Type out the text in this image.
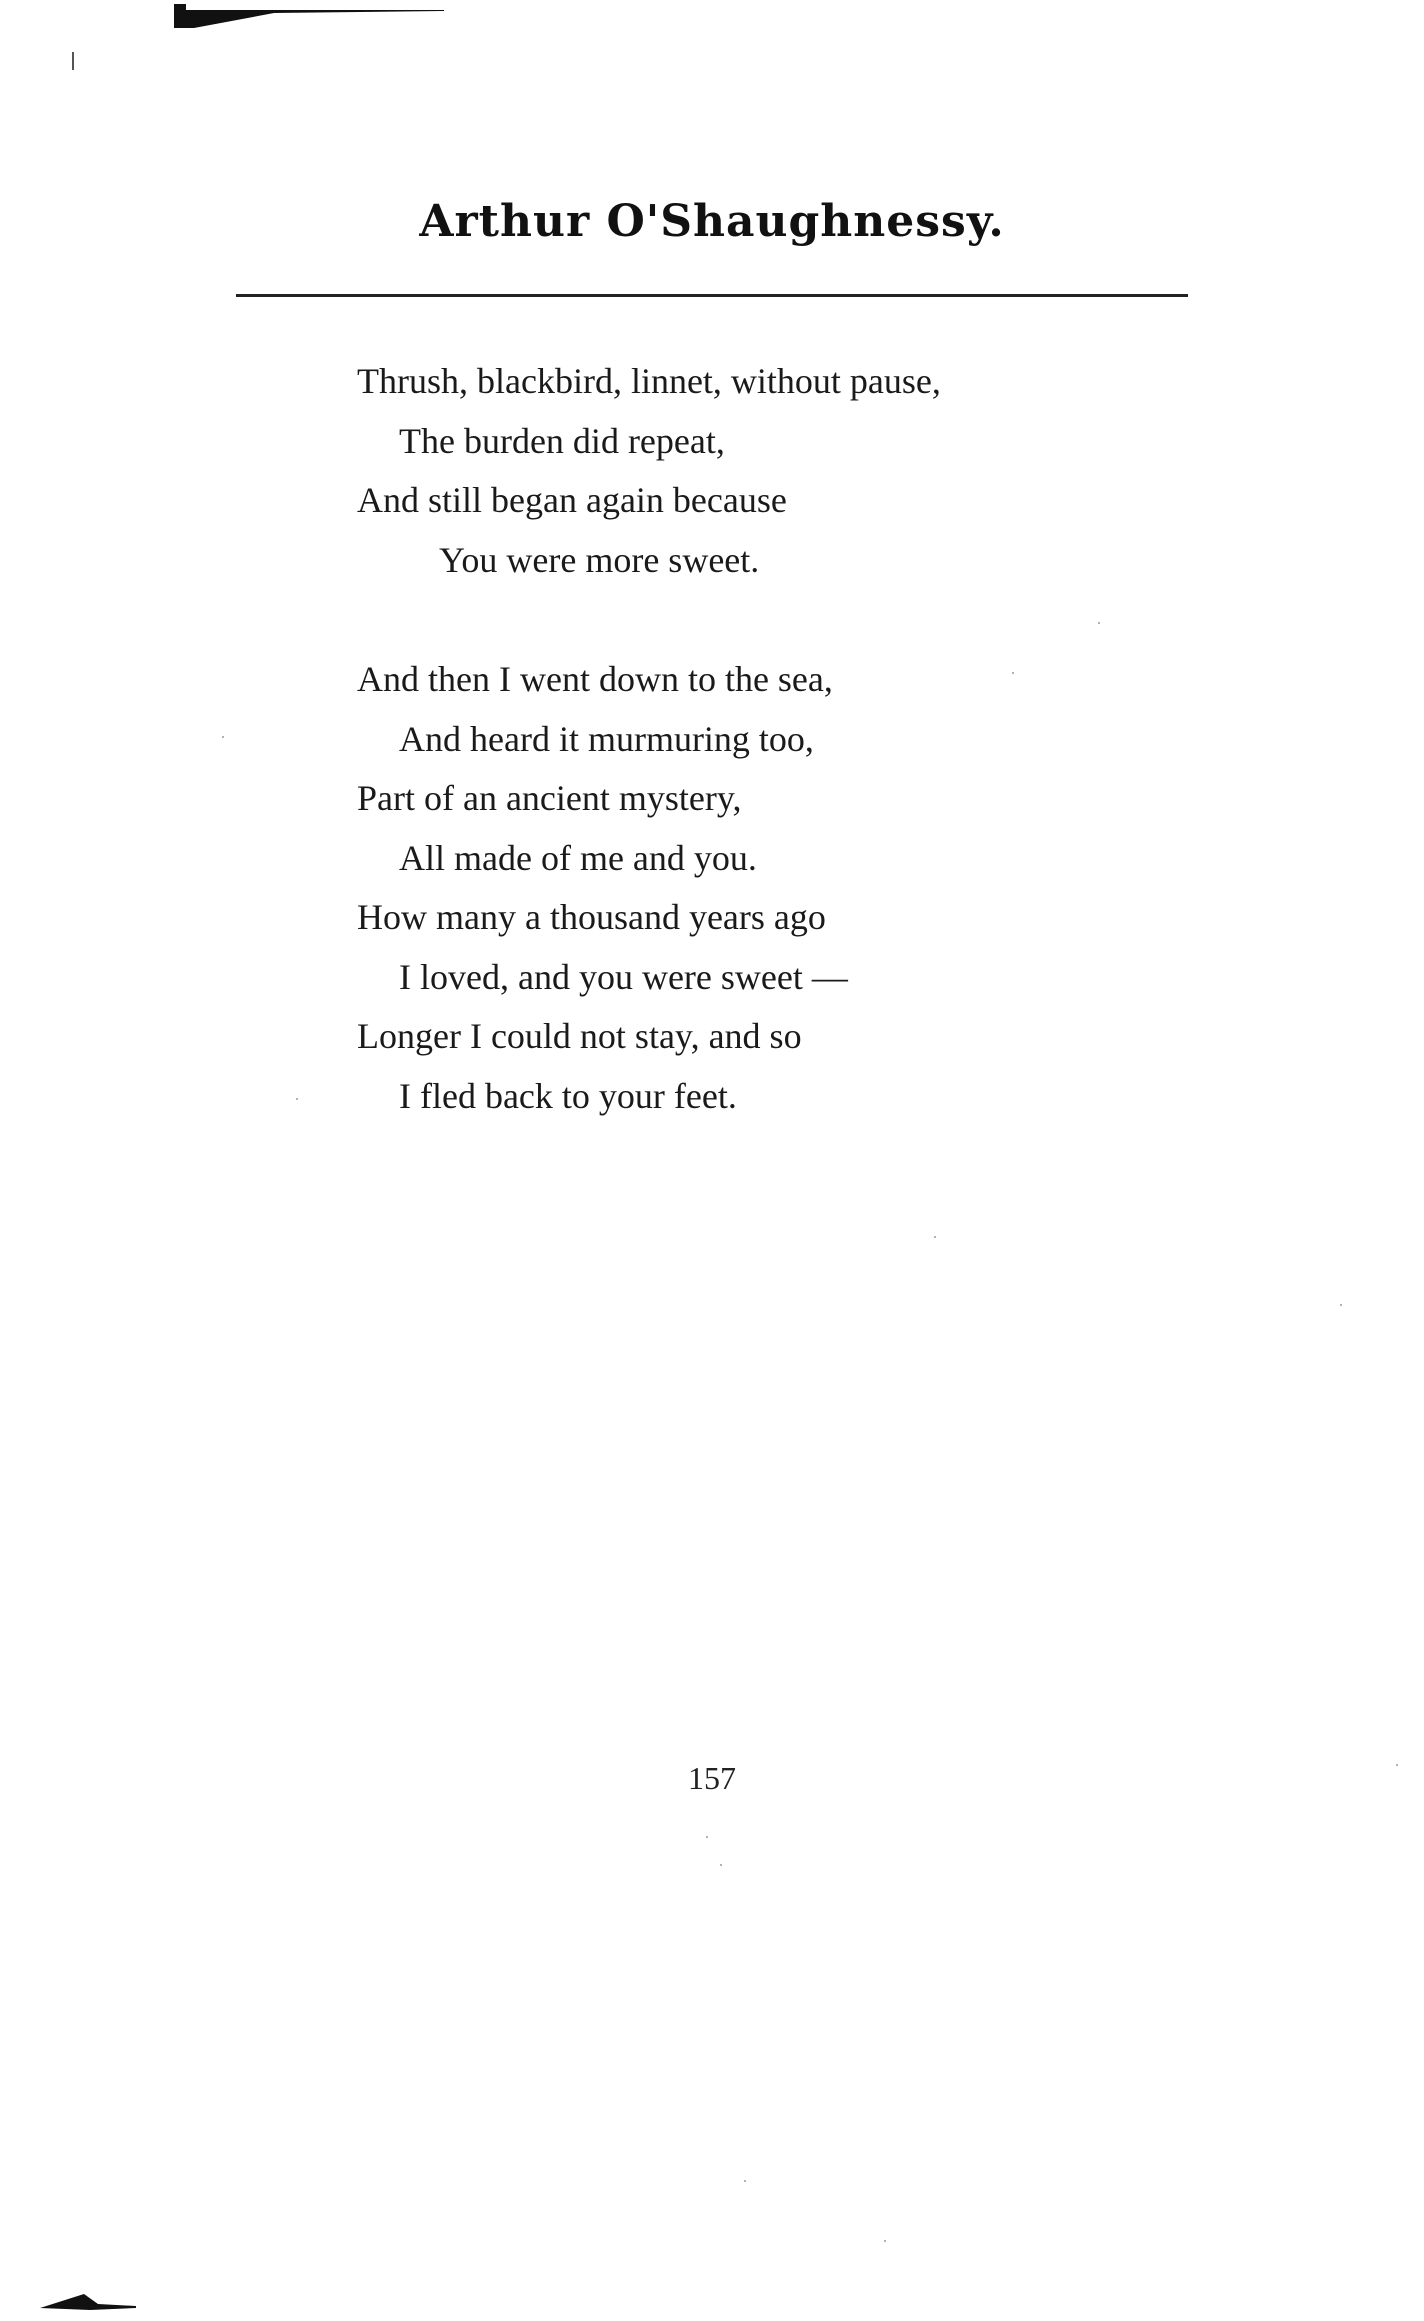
Arthur O'Shaughnessy.
Thrush, blackbird, linnet, without pause,
The burden did repeat,
And still began again because
You were more sweet.
And then I went down to the sea,
And heard it murmuring too,
Part of an ancient mystery,
All made of me and you.
How many a thousand years ago
I loved, and you were sweet —
Longer I could not stay, and so
I fled back to your feet.
157
